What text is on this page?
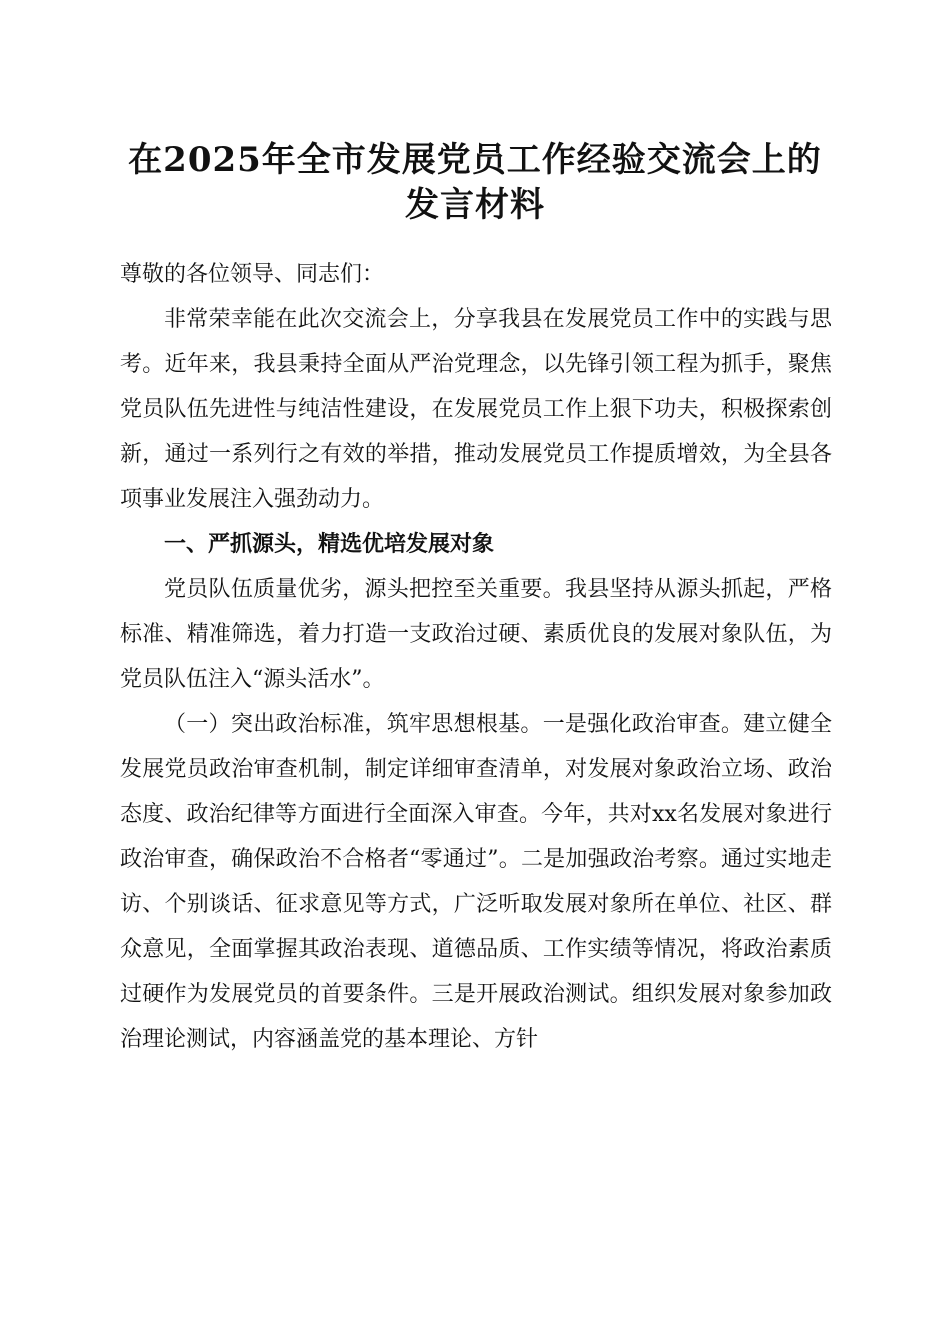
在2025年全市发展党员工作经验交流会上的
发言材料

尊敬的各位领导、同志们：

非常荣幸能在此次交流会上，分享我县在发展党员工作中的实践与思考。近年来，我县秉持全面从严治党理念，以先锋引领工程为抓手，聚焦党员队伍先进性与纯洁性建设，在发展党员工作上狠下功夫，积极探索创新，通过一系列行之有效的举措，推动发展党员工作提质增效，为全县各项事业发展注入强劲动力。

一、严抓源头，精选优培发展对象

党员队伍质量优劣，源头把控至关重要。我县坚持从源头抓起，严格标准、精准筛选，着力打造一支政治过硬、素质优良的发展对象队伍，为党员队伍注入“源头活水”。

（一）突出政治标准，筑牢思想根基。一是强化政治审查。建立健全发展党员政治审查机制，制定详细审查清单，对发展对象政治立场、政治态度、政治纪律等方面进行全面深入审查。今年，共对xx名发展对象进行政治审查，确保政治不合格者“零通过”。二是加强政治考察。通过实地走访、个别谈话、征求意见等方式，广泛听取发展对象所在单位、社区、群众意见，全面掌握其政治表现、道德品质、工作实绩等情况，将政治素质过硬作为发展党员的首要条件。三是开展政治测试。组织发展对象参加政治理论测试，内容涵盖党的基本理论、方针
